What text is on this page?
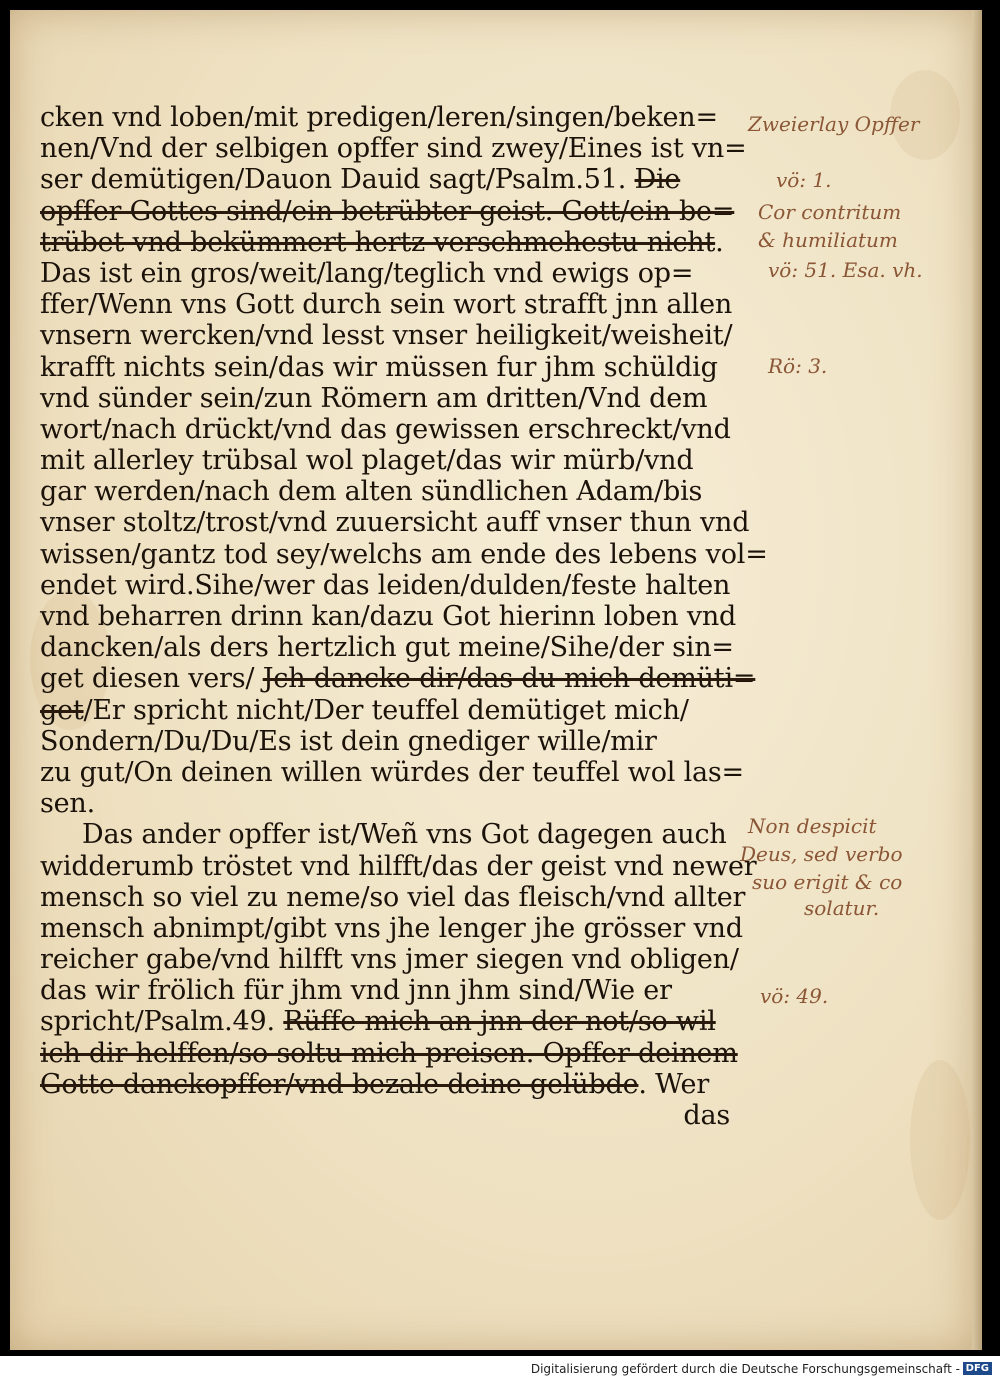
cken vnd loben/mit predigen/leren/singen/beken=
nen/Vnd der selbigen opffer sind zwey/Eines ist vn=
ser demütigen/Dauon Dauid sagt/Psalm.51. Die
opffer Gottes sind/ein betrübter geist. Gott/ein be=
trübet vnd bekümmert hertz verschmehestu nicht.
Das ist ein gros/weit/lang/teglich vnd ewigs op=
ffer/Wenn vns Gott durch sein wort strafft jnn allen
vnsern wercken/vnd lesst vnser heiligkeit/weisheit/
krafft nichts sein/das wir müssen fur jhm schüldig
vnd sünder sein/zun Römern am dritten/Vnd dem
wort/nach drückt/vnd das gewissen erschreckt/vnd
mit allerley trübsal wol plaget/das wir mürb/vnd
gar werden/nach dem alten sündlichen Adam/bis
vnser stoltz/trost/vnd zuuersicht auff vnser thun vnd
wissen/gantz tod sey/welchs am ende des lebens vol=
endet wird.Sihe/wer das leiden/dulden/feste halten
vnd beharren drinn kan/dazu Got hierinn loben vnd
dancken/als ders hertzlich gut meine/Sihe/der sin=
get diesen vers/ Jch dancke dir/das du mich demüti=
get/Er spricht nicht/Der teuffel demütiget mich/
Sondern/Du/Du/Es ist dein gnediger wille/mir
zu gut/On deinen willen würdes der teuffel wol las=
sen.
Das ander opffer ist/Weñ vns Got dagegen auch
widderumb tröstet vnd hilfft/das der geist vnd newer
mensch so viel zu neme/so viel das fleisch/vnd allter
mensch abnimpt/gibt vns jhe lenger jhe grösser vnd
reicher gabe/vnd hilfft vns jmer siegen vnd obligen/
das wir frölich für jhm vnd jnn jhm sind/Wie er
spricht/Psalm.49. Rüffe mich an jnn der not/so wil
ich dir helffen/so soltu mich preisen. Opffer deinem
Gotte danckopffer/vnd bezale deine gelübde. Wer
das
Zweierlay Opffer
vö: 1.
Cor contritum
& humiliatum
vö: 51. Esa. vh.
Rö: 3.
Non despicit
Deus, sed verbo
suo erigit & co
solatur.
vö: 49.
Digitalisierung gefördert durch die Deutsche Forschungsgemeinschaft - DFG
